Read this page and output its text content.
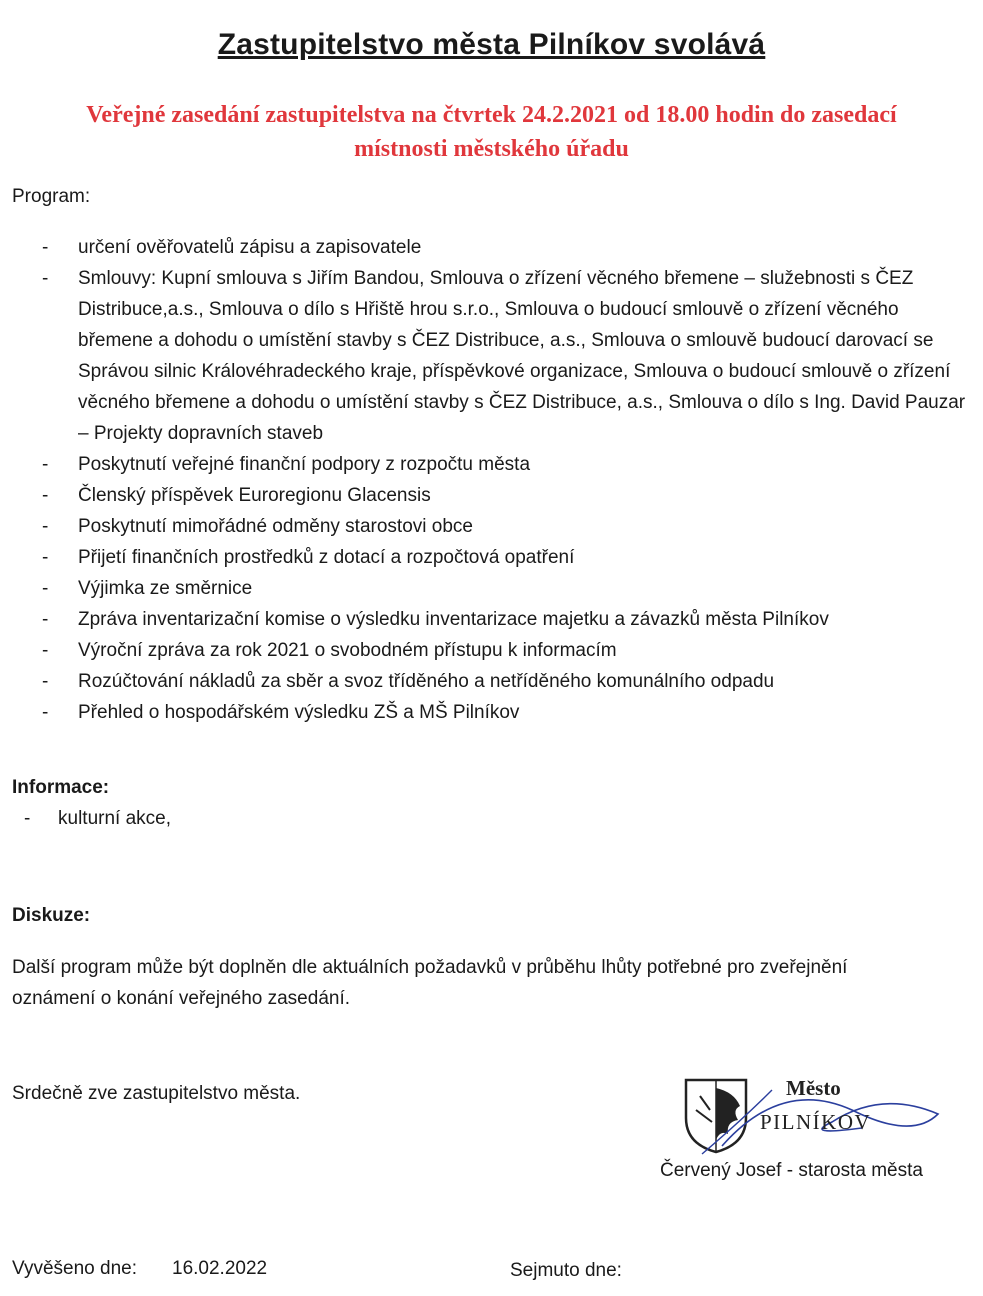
Zastupitelstvo města Pilníkov svolává
Veřejné zasedání zastupitelstva na čtvrtek 24.2.2021 od 18.00 hodin do zasedací
místnosti městského úřadu
Program:
- určení ověřovatelů zápisu a zapisovatele
- Smlouvy: Kupní smlouva s Jiřím Bandou, Smlouva o zřízení věcného břemene – služebnosti s ČEZ Distribuce,a.s., Smlouva o dílo s Hřiště hrou s.r.o., Smlouva o budoucí smlouvě o zřízení věcného břemene a dohodu o umístění stavby s ČEZ Distribuce, a.s., Smlouva o smlouvě budoucí darovací se Správou silnic Královéhradeckého kraje, příspěvkové organizace, Smlouva o budoucí smlouvě o zřízení věcného břemene a dohodu o umístění stavby s ČEZ Distribuce, a.s., Smlouva o dílo s Ing. David Pauzar – Projekty dopravních staveb
- Poskytnutí veřejné finanční podpory z rozpočtu města
- Členský příspěvek Euroregionu Glacensis
- Poskytnutí mimořádné odměny starostovi obce
- Přijetí finančních prostředků z dotací a rozpočtová opatření
- Výjimka ze směrnice
- Zpráva inventarizační komise o výsledku inventarizace majetku a závazků města Pilníkov
- Výroční zpráva za rok 2021 o svobodném přístupu k informacím
- Rozúčtování nákladů za sběr a svoz tříděného a netříděného komunálního odpadu
- Přehled o hospodářském výsledku ZŠ a MŠ Pilníkov
Informace:
- kulturní akce,
Diskuze:
Další program může být doplněn dle aktuálních požadavků v průběhu lhůty potřebné pro zveřejnění oznámení o konání veřejného zasedání.
Srdečně zve zastupitelstvo města.	Město
PILNÍKOV
Červený Josef - starosta města
Vyvěšeno dne: 16.02.2022	Sejmuto dne:
